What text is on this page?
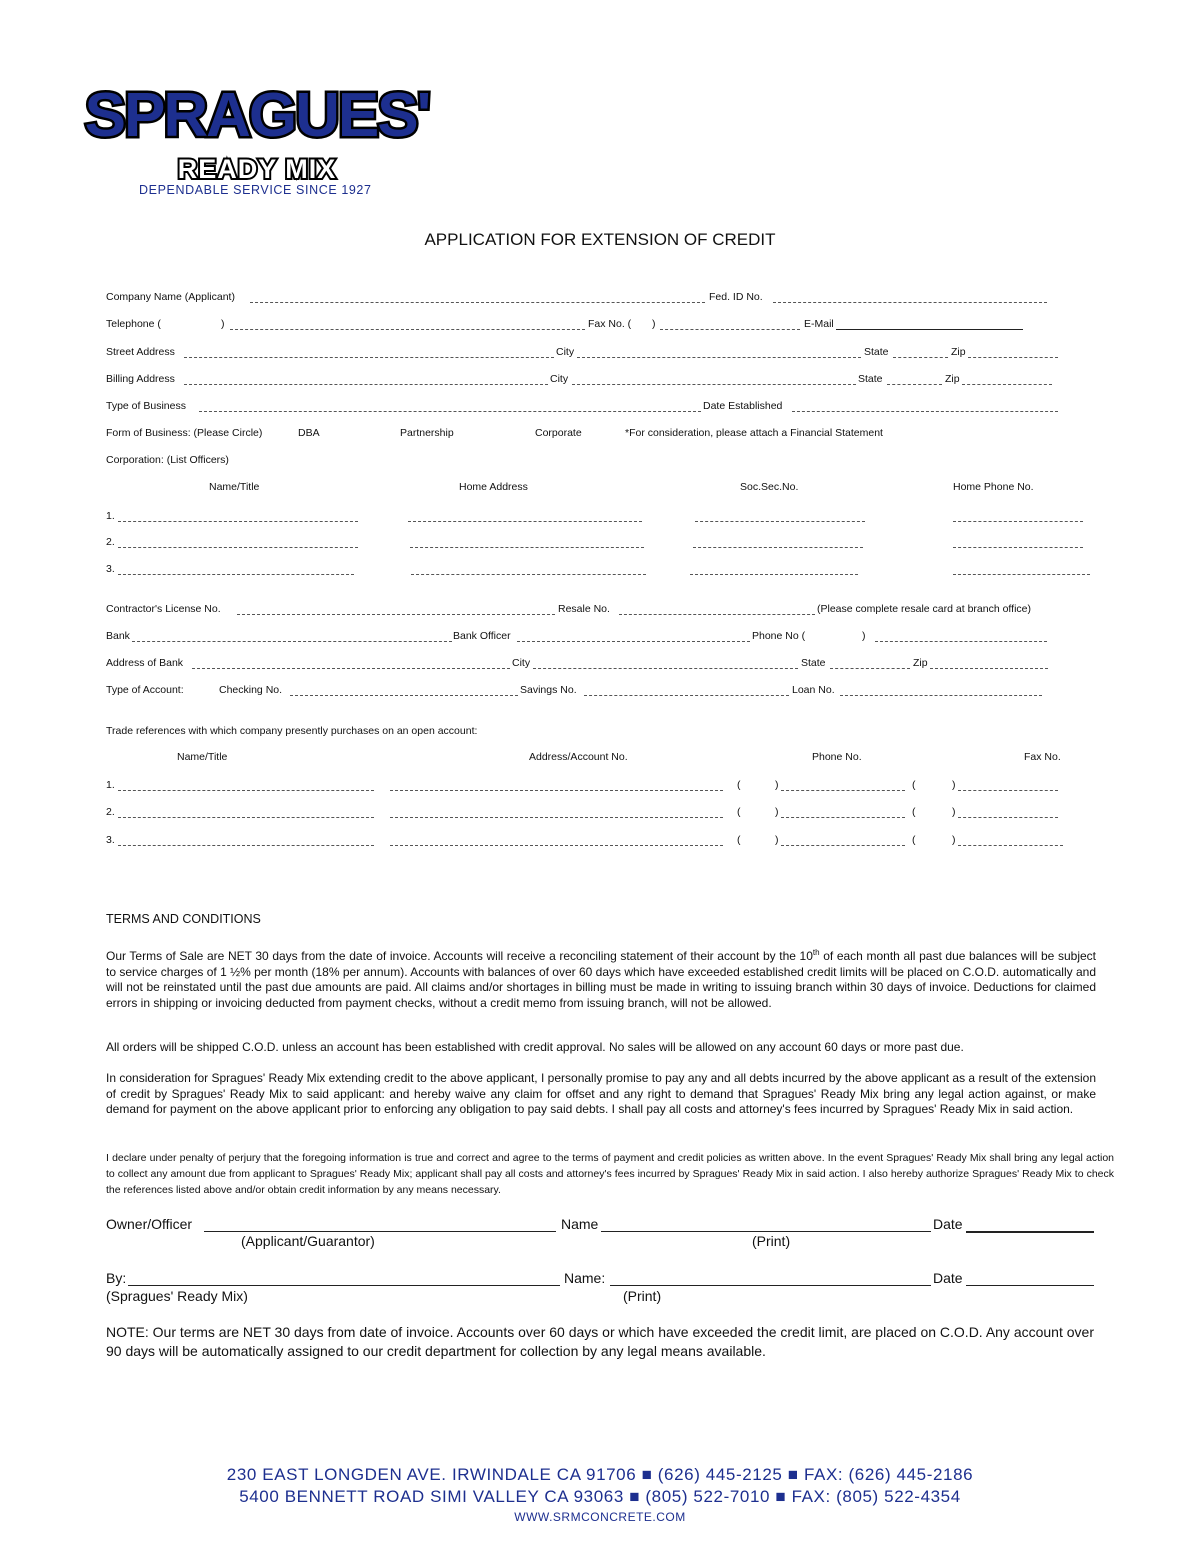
SPRAGUES'
READY MIX
DEPENDABLE SERVICE SINCE 1927
APPLICATION FOR EXTENSION OF CREDIT
Company Name (Applicant)	Fed. ID No.
Telephone (	)	Fax No. ( )	E-Mail
Street Address	City	State	Zip
Billing Address	City	State	Zip
Type of Business	Date Established
Form of Business: (Please Circle)	DBA	Partnership	Corporate	*For consideration, please attach a Financial Statement
Corporation: (List Officers)
Name/Title	Home Address	Soc.Sec.No.	Home Phone No.
1.
2.
3.
Contractor's License No.	Resale No.	(Please complete resale card at branch office)
Bank	Bank Officer	Phone No (	)
Address of Bank	City	State	Zip
Type of Account:	Checking No.	Savings No.	Loan No.
Trade references with which company presently purchases on an open account:
Name/Title	Address/Account No.	Phone No.	Fax No.
1.	(	)	(	)
2.	(	)	(	)
3.	(	)	(	)
TERMS AND CONDITIONS
Our Terms of Sale are NET 30 days from the date of invoice. Accounts will receive a reconciling statement of their account by the 10th of each month all past due balances will be subject to service charges of 1 ½% per month (18% per annum). Accounts with balances of over 60 days which have exceeded established credit limits will be placed on C.O.D. automatically and will not be reinstated until the past due amounts are paid. All claims and/or shortages in billing must be made in writing to issuing branch within 30 days of invoice. Deductions for claimed errors in shipping or invoicing deducted from payment checks, without a credit memo from issuing branch, will not be allowed.
All orders will be shipped C.O.D. unless an account has been established with credit approval. No sales will be allowed on any account 60 days or more past due.
In consideration for Spragues' Ready Mix extending credit to the above applicant, I personally promise to pay any and all debts incurred by the above applicant as a result of the extension of credit by Spragues' Ready Mix to said applicant: and hereby waive any claim for offset and any right to demand that Spragues' Ready Mix bring any legal action against, or make demand for payment on the above applicant prior to enforcing any obligation to pay said debts. I shall pay all costs and attorney's fees incurred by Spragues' Ready Mix in said action.
I declare under penalty of perjury that the foregoing information is true and correct and agree to the terms of payment and credit policies as written above. In the event Spragues' Ready Mix shall bring any legal action to collect any amount due from applicant to Spragues' Ready Mix; applicant shall pay all costs and attorney's fees incurred by Spragues' Ready Mix in said action. I also hereby authorize Spragues' Ready Mix to check the references listed above and/or obtain credit information by any means necessary.
Owner/Officer	Name	Date
(Applicant/Guarantor)	(Print)
By:	Name:	Date
(Spragues' Ready Mix)	(Print)
NOTE: Our terms are NET 30 days from date of invoice. Accounts over 60 days or which have exceeded the credit limit, are placed on C.O.D. Any account over 90 days will be automatically assigned to our credit department for collection by any legal means available.
230 EAST LONGDEN AVE. IRWINDALE CA 91706 ■ (626) 445-2125 ■ FAX: (626) 445-2186
5400 BENNETT ROAD SIMI VALLEY CA 93063 ■ (805) 522-7010 ■ FAX: (805) 522-4354
WWW.SRMCONCRETE.COM
